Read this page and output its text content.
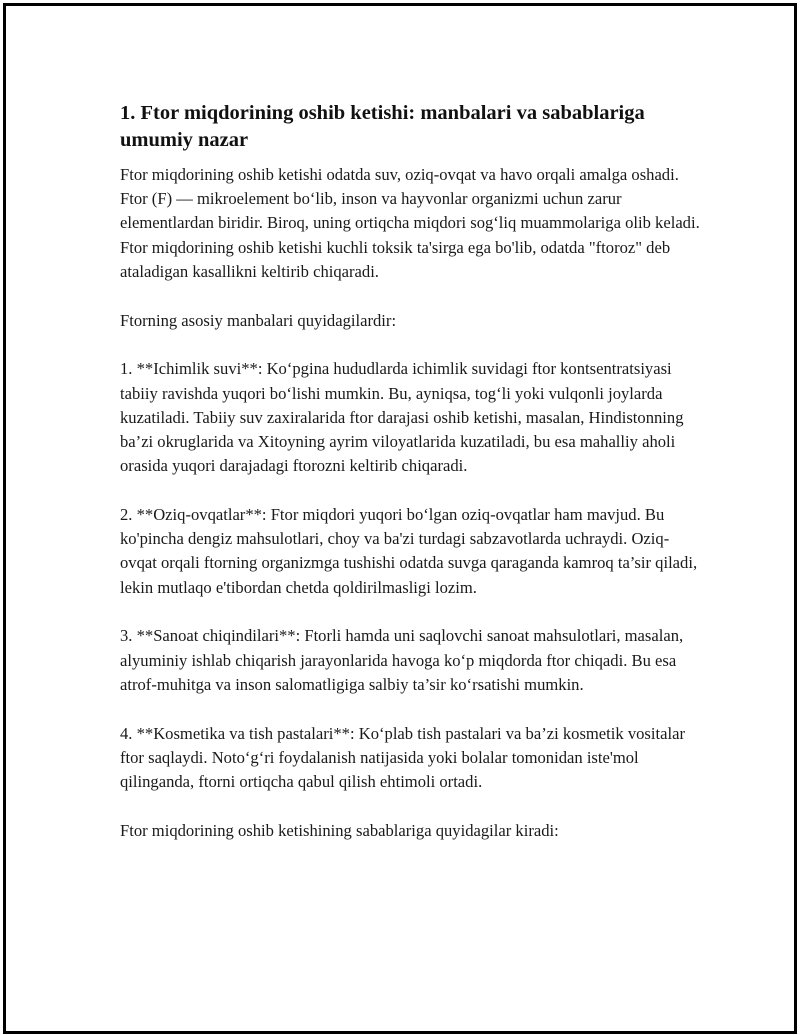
1. Ftor miqdorining oshib ketishi: manbalari va sabablariga umumiy nazar

Ftor miqdorining oshib ketishi odatda suv, oziq-ovqat va havo orqali amalga oshadi. Ftor (F) — mikroelement bo‘lib, inson va hayvonlar organizmi uchun zarur elementlardan biridir. Biroq, uning ortiqcha miqdori sog‘liq muammolariga olib keladi. Ftor miqdorining oshib ketishi kuchli toksik ta'sirga ega bo'lib, odatda "ftoroz" deb ataladigan kasallikni keltirib chiqaradi.

Ftorning asosiy manbalari quyidagilardir:

1. **Ichimlik suvi**: Ko‘pgina hududlarda ichimlik suvidagi ftor kontsentratsiyasi tabiiy ravishda yuqori bo‘lishi mumkin. Bu, ayniqsa, tog‘li yoki vulqonli joylarda kuzatiladi. Tabiiy suv zaxiralarida ftor darajasi oshib ketishi, masalan, Hindistonning ba’zi okruglarida va Xitoyning ayrim viloyatlarida kuzatiladi, bu esa mahalliy aholi orasida yuqori darajadagi ftorozni keltirib chiqaradi.

2. **Oziq-ovqatlar**: Ftor miqdori yuqori bo‘lgan oziq-ovqatlar ham mavjud. Bu ko'pincha dengiz mahsulotlari, choy va ba'zi turdagi sabzavotlarda uchraydi. Oziq-ovqat orqali ftorning organizmga tushishi odatda suvga qaraganda kamroq ta’sir qiladi, lekin mutlaqo e'tibordan chetda qoldirilmasligi lozim.

3. **Sanoat chiqindilari**: Ftorli hamda uni saqlovchi sanoat mahsulotlari, masalan, alyuminiy ishlab chiqarish jarayonlarida havoga ko‘p miqdorda ftor chiqadi. Bu esa atrof-muhitga va inson salomatligiga salbiy ta’sir ko‘rsatishi mumkin.

4. **Kosmetika va tish pastalari**: Ko‘plab tish pastalari va ba’zi kosmetik vositalar ftor saqlaydi. Noto‘g‘ri foydalanish natijasida yoki bolalar tomonidan iste'mol qilinganda, ftorni ortiqcha qabul qilish ehtimoli ortadi.

Ftor miqdorining oshib ketishining sabablariga quyidagilar kiradi:
